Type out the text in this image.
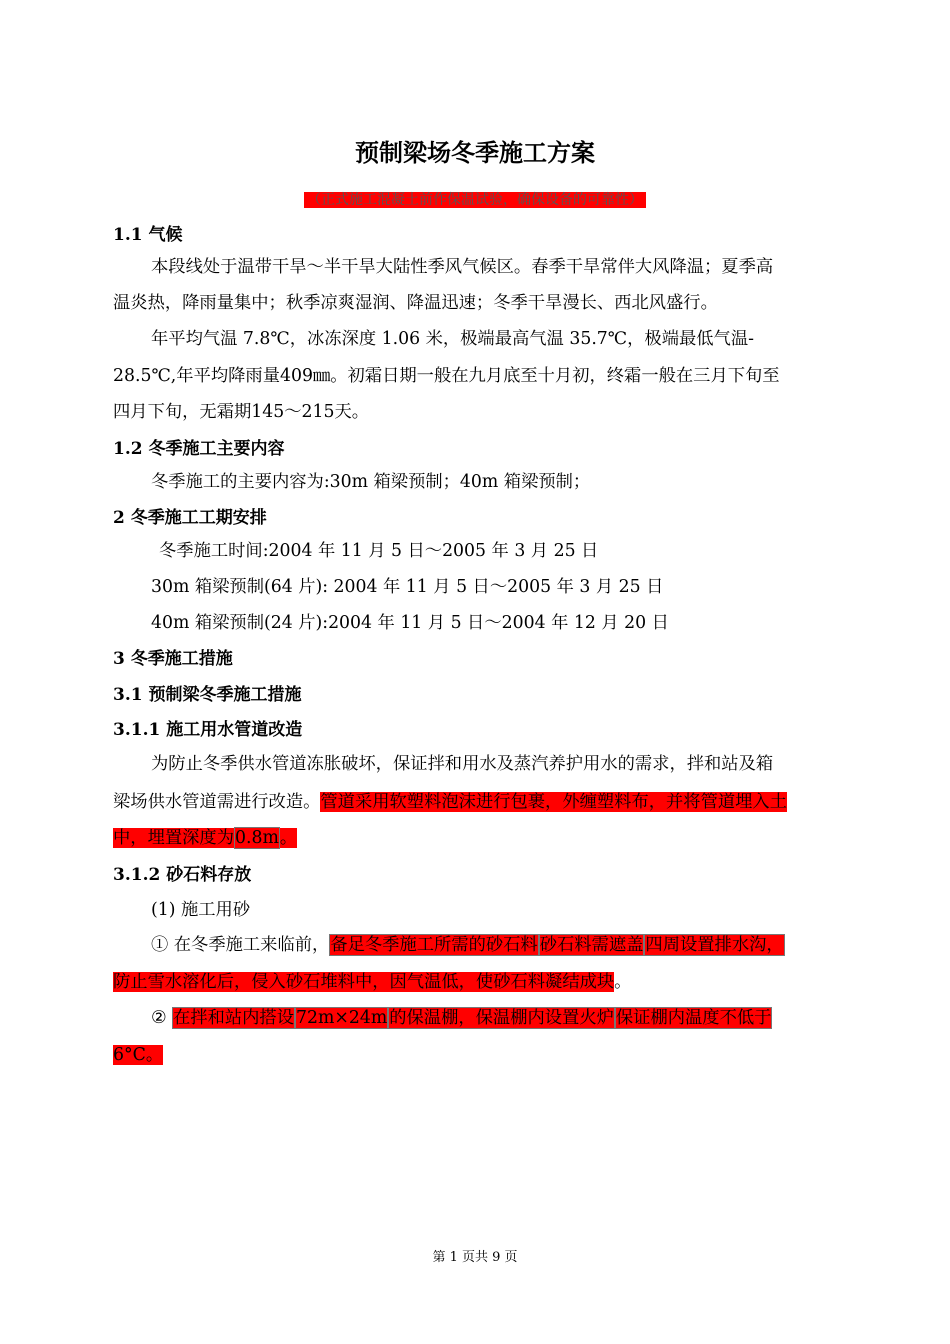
预制梁场冬季施工方案
（正式施工混凝土前作保温试验，确保设备的可靠性）
1.1 气候
本段线处于温带干旱～半干旱大陆性季风气候区。春季干旱常伴大风降温；夏季高
温炎热，降雨量集中；秋季凉爽湿润、降温迅速；冬季干旱漫长、西北风盛行。
年平均气温 7.8℃，冰冻深度 1.06 米，极端最高气温 35.7℃，极端最低气温-
28.5℃,年平均降雨量409㎜。初霜日期一般在九月底至十月初，终霜一般在三月下旬至
四月下旬，无霜期145～215天。
1.2 冬季施工主要内容
冬季施工的主要内容为:30m 箱梁预制；40m 箱梁预制；
2 冬季施工工期安排
冬季施工时间:2004 年 11 月 5 日～2005 年 3 月 25 日
30m 箱梁预制(64 片): 2004 年 11 月 5 日～2005 年 3 月 25 日
40m 箱梁预制(24 片):2004 年 11 月 5 日～2004 年 12 月 20 日
3 冬季施工措施
3.1 预制梁冬季施工措施
3.1.1 施工用水管道改造
为防止冬季供水管道冻胀破坏，保证拌和用水及蒸汽养护用水的需求，拌和站及箱
梁场供水管道需进行改造。管道采用软塑料泡沫进行包裹，外缠塑料布，并将管道埋入土
中，埋置深度为0.8m。
3.1.2 砂石料存放
(1) 施工用砂
① 在冬季施工来临前，备足冬季施工所需的砂石料 砂石料需遮盖 四周设置排水沟，
防止雪水溶化后，侵入砂石堆料中，因气温低，使砂石料凝结成块。
② 在拌和站内搭设 72m×24m 的保温棚，保温棚内设置火炉 保证棚内温度不低于
6°C。
第 1 页共 9 页
